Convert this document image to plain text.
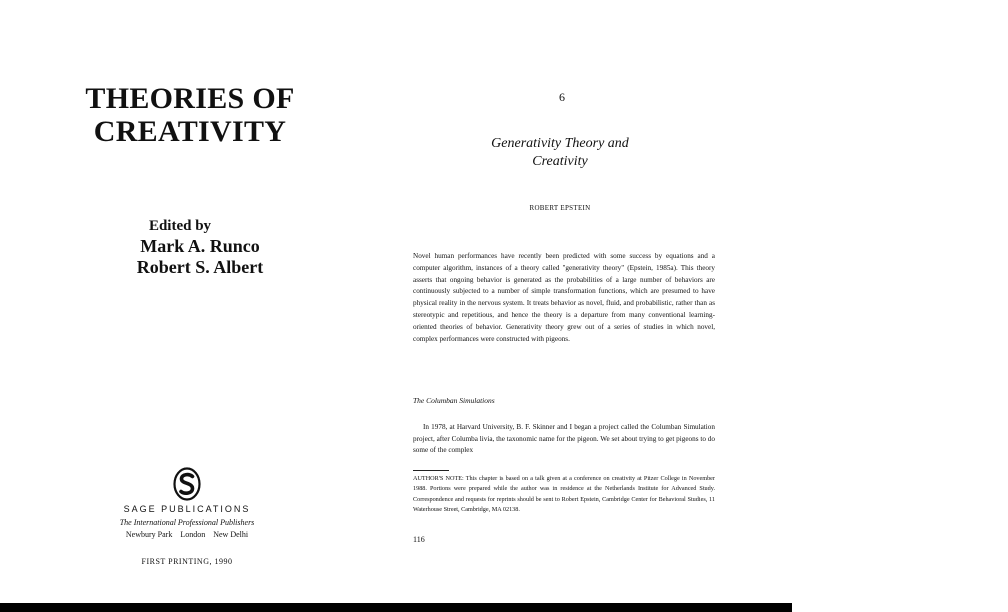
THEORIES OF
CREATIVITY
Edited by
Mark A. Runco
Robert S. Albert
SAGE PUBLICATIONS
The International Professional Publishers
Newbury Park    London    New Delhi
FIRST PRINTING, 1990
6
Generativity Theory and
Creativity
ROBERT EPSTEIN

Novel human performances have recently been predicted with some success by equations and a computer algorithm, instances of a theory called "generativity theory" (Epstein, 1985a). This theory asserts that ongoing behavior is generated as the probabilities of a large number of behaviors are continuously subjected to a number of simple transformation functions, which are presumed to have physical reality in the nervous system. It treats behavior as novel, fluid, and probabilistic, rather than as stereotypic and repetitious, and hence the theory is a departure from many conventional learning-oriented theories of behavior. Generativity theory grew out of a series of studies in which novel, complex performances were constructed with pigeons.

The Columban Simulations

In 1978, at Harvard University, B. F. Skinner and I began a project called the Columban Simulation project, after Columba livia, the taxonomic name for the pigeon. We set about trying to get pigeons to do some of the complex

AUTHOR'S NOTE: This chapter is based on a talk given at a conference on creativity at Pitzer College in November 1988. Portions were prepared while the author was in residence at the Netherlands Institute for Advanced Study. Correspondence and requests for reprints should be sent to Robert Epstein, Cambridge Center for Behavioral Studies, 11 Waterhouse Street, Cambridge, MA 02138.

116
